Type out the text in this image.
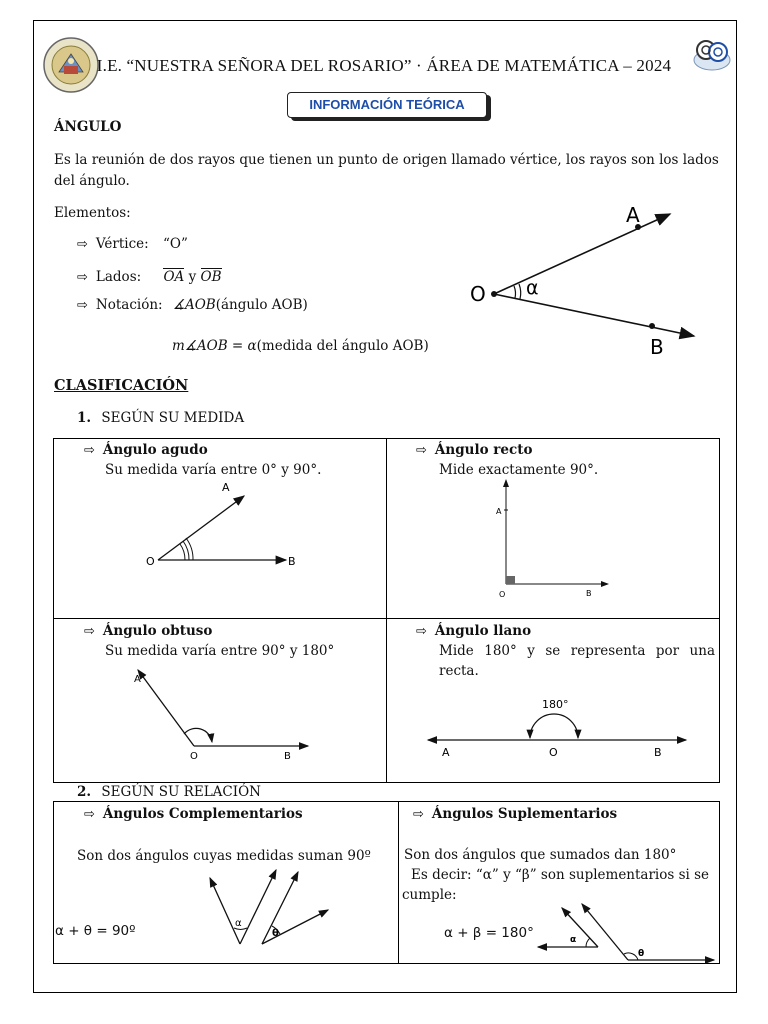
I.E. “NUESTRA SEÑORA DEL ROSARIO” · ÁREA DE MATEMÁTICA – 2024
INFORMACIÓN TEÓRICA
ÁNGULO
Es la reunión de dos rayos que tienen un punto de origen llamado vértice, los rayos son los lados
del ángulo.
Elementos:
⇨ Vértice: “O”
⇨ Lados: OA y OB
⇨ Notación: ∡AOB(ángulo AOB)
m∡AOB = α(medida del ángulo AOB)
A
O
B
α
CLASIFICACIÓN
1. SEGÚN SU MEDIDA
⇨ Ángulo agudo
Su medida varía entre 0° y 90°.
A
O	B
⇨ Ángulo recto
Mide exactamente 90°.
A
O	B
⇨ Ángulo obtuso
Su medida varía entre 90° y 180°
A
O	B
⇨ Ángulo llano
Mide 180° y se representa por una
recta.
180°
A	O	B
2. SEGÚN SU RELACIÓN
⇨ Ángulos Complementarios
Son dos ángulos cuyas medidas suman 90º
α + θ = 90º	α
θ
⇨ Ángulos Suplementarios
Son dos ángulos que sumados dan 180°
Es decir: “α” y “β” son suplementarios si se
cumple:
α + β = 180°	α
θ
